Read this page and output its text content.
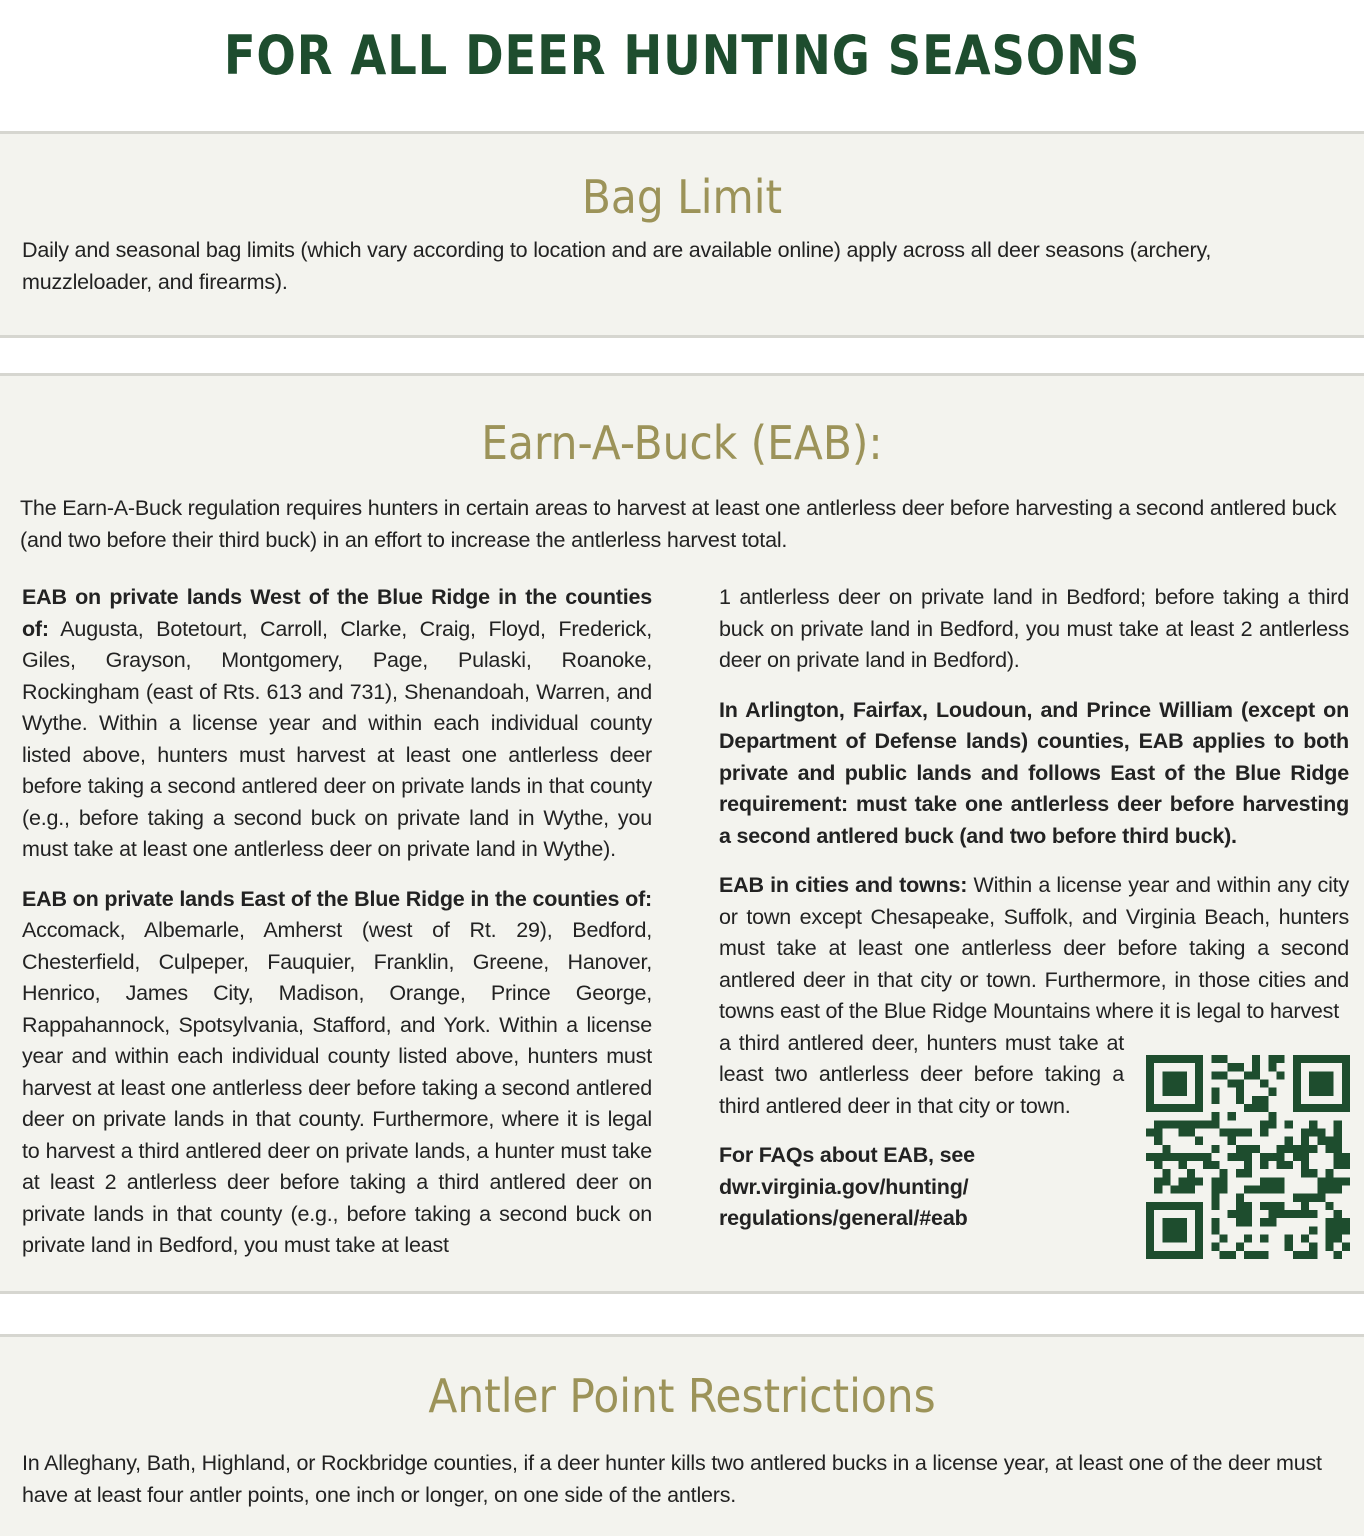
FOR ALL DEER HUNTING SEASONS
Bag Limit

Daily and seasonal bag limits (which vary according to location and are available online) apply across all deer seasons (archery, muzzleloader, and firearms).

Earn-A-Buck (EAB):

The Earn-A-Buck regulation requires hunters in certain areas to harvest at least one antlerless deer before harvesting a second antlered buck (and two before their third buck) in an effort to increase the antlerless harvest total.

EAB on private lands West of the Blue Ridge in the counties of: Augusta, Botetourt, Carroll, Clarke, Craig, Floyd, Frederick, Giles, Grayson, Montgomery, Page, Pulaski, Roanoke, Rockingham (east of Rts. 613 and 731), Shenandoah, Warren, and Wythe. Within a license year and within each individual county listed above, hunters must harvest at least one antlerless deer before taking a second antlered deer on private lands in that county (e.g., before taking a second buck on private land in Wythe, you must take at least one antlerless deer on private land in Wythe).

EAB on private lands East of the Blue Ridge in the counties of: Accomack, Albemarle, Amherst (west of Rt. 29), Bedford, Chesterfield, Culpeper, Fauquier, Franklin, Greene, Hanover, Henrico, James City, Madison, Orange, Prince George, Rappahannock, Spotsylvania, Stafford, and York. Within a license year and within each individual county listed above, hunters must harvest at least one antlerless deer before taking a second antlered deer on private lands in that county. Furthermore, where it is legal to harvest a third antlered deer on private lands, a hunter must take at least 2 antlerless deer before taking a third antlered deer on private lands in that county (e.g., before taking a second buck on private land in Bedford, you must take at least

1 antlerless deer on private land in Bedford; before taking a third buck on private land in Bedford, you must take at least 2 antlerless deer on private land in Bedford).

In Arlington, Fairfax, Loudoun, and Prince William (except on Department of Defense lands) counties, EAB applies to both private and public lands and follows East of the Blue Ridge requirement: must take one antlerless deer before harvesting a second antlered buck (and two before third buck).

EAB in cities and towns: Within a license year and within any city or town except Chesapeake, Suffolk, and Virginia Beach, hunters must take at least one antlerless deer before taking a second antlered deer in that city or town. Furthermore, in those cities and towns east of the Blue Ridge Mountains where it is legal to harvest

a third antlered deer, hunters must take at least two antlerless deer before taking a third antlered deer in that city or town.

For FAQs about EAB, see dwr.virginia.gov/hunting/ regulations/general/#eab

Antler Point Restrictions

In Alleghany, Bath, Highland, or Rockbridge counties, if a deer hunter kills two antlered bucks in a license year, at least one of the deer must have at least four antler points, one inch or longer, on one side of the antlers.
